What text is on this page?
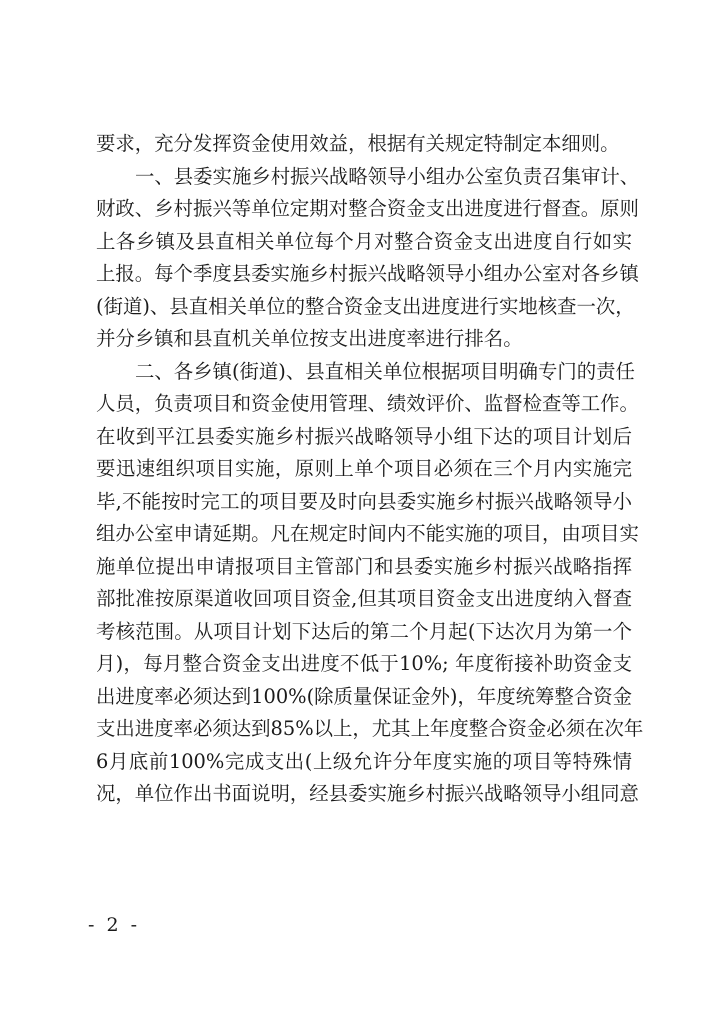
要求，充分发挥资金使用效益，根据有关规定特制定本细则。
一、县委实施乡村振兴战略领导小组办公室负责召集审计、
财政、乡村振兴等单位定期对整合资金支出进度进行督查。原则
上各乡镇及县直相关单位每个月对整合资金支出进度自行如实
上报。每个季度县委实施乡村振兴战略领导小组办公室对各乡镇
(街道)、县直相关单位的整合资金支出进度进行实地核查一次，
并分乡镇和县直机关单位按支出进度率进行排名。
二、各乡镇(街道)、县直相关单位根据项目明确专门的责任
人员，负责项目和资金使用管理、绩效评价、监督检查等工作。
在收到平江县委实施乡村振兴战略领导小组下达的项目计划后
要迅速组织项目实施，原则上单个项目必须在三个月内实施完
毕,不能按时完工的项目要及时向县委实施乡村振兴战略领导小
组办公室申请延期。凡在规定时间内不能实施的项目，由项目实
施单位提出申请报项目主管部门和县委实施乡村振兴战略指挥
部批准按原渠道收回项目资金,但其项目资金支出进度纳入督查
考核范围。从项目计划下达后的第二个月起(下达次月为第一个
月)，每月整合资金支出进度不低于10%; 年度衔接补助资金支
出进度率必须达到100%(除质量保证金外)，年度统筹整合资金
支出进度率必须达到85%以上，尤其上年度整合资金必须在次年
6月底前100%完成支出(上级允许分年度实施的项目等特殊情
况，单位作出书面说明，经县委实施乡村振兴战略领导小组同意
- 2 -
